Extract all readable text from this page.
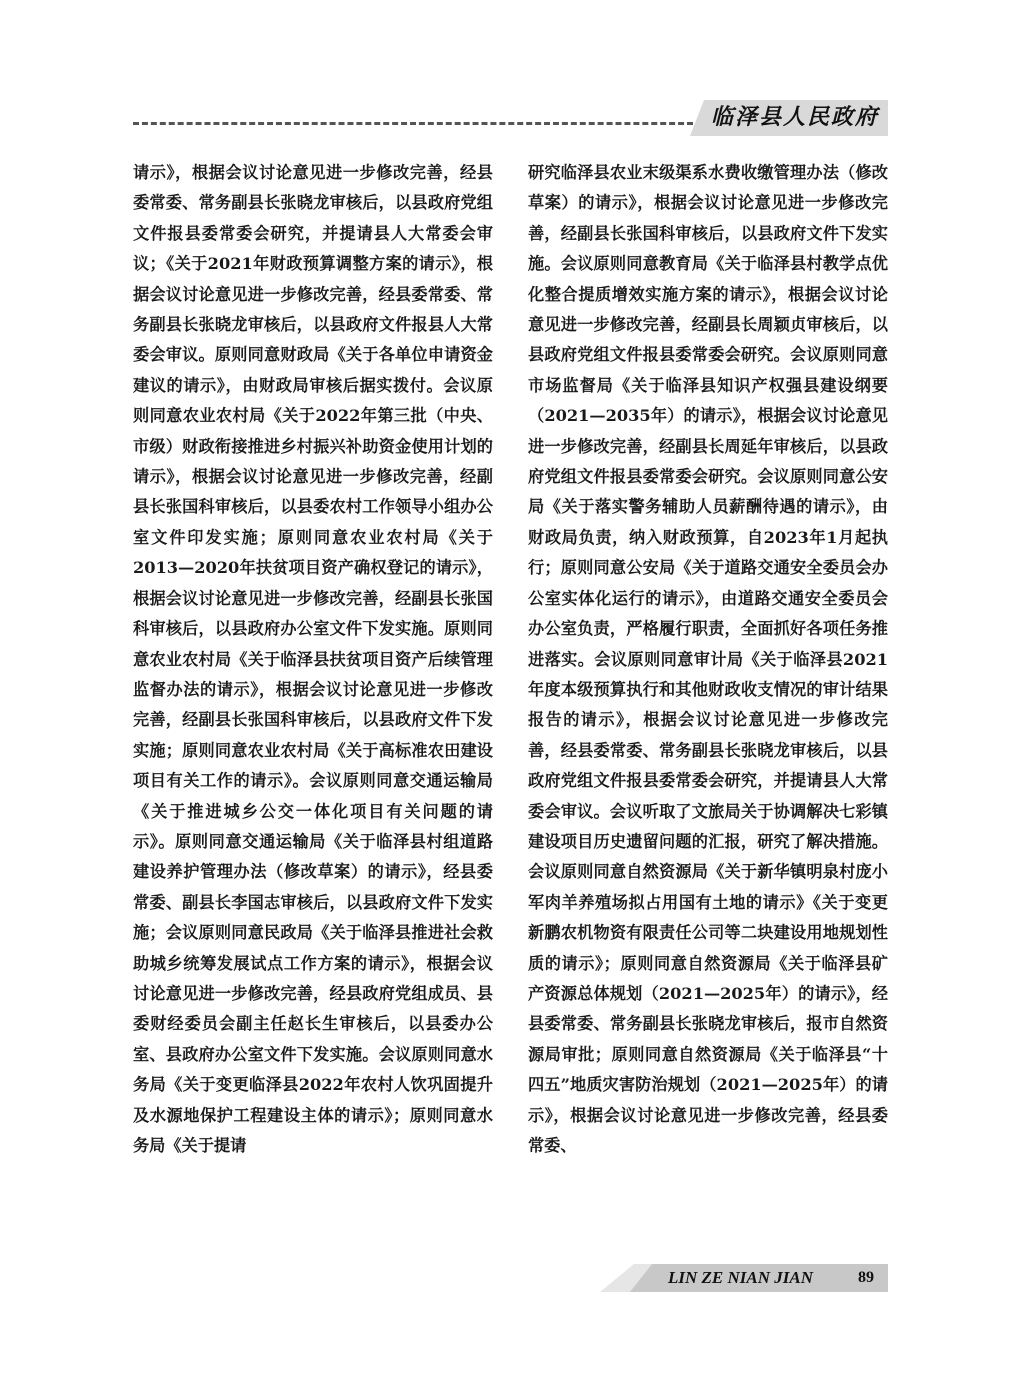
临泽县人民政府
请示》，根据会议讨论意见进一步修改完善，经县委常委、常务副县长张晓龙审核后，以县政府党组文件报县委常委会研究，并提请县人大常委会审议；《关于2021年财政预算调整方案的请示》，根据会议讨论意见进一步修改完善，经县委常委、常务副县长张晓龙审核后，以县政府文件报县人大常委会审议。原则同意财政局《关于各单位申请资金建议的请示》，由财政局审核后据实拨付。会议原则同意农业农村局《关于2022年第三批（中央、市级）财政衔接推进乡村振兴补助资金使用计划的请示》，根据会议讨论意见进一步修改完善，经副县长张国科审核后，以县委农村工作领导小组办公室文件印发实施；原则同意农业农村局《关于2013—2020年扶贫项目资产确权登记的请示》，根据会议讨论意见进一步修改完善，经副县长张国科审核后，以县政府办公室文件下发实施。原则同意农业农村局《关于临泽县扶贫项目资产后续管理监督办法的请示》，根据会议讨论意见进一步修改完善，经副县长张国科审核后，以县政府文件下发实施；原则同意农业农村局《关于高标准农田建设项目有关工作的请示》。会议原则同意交通运输局《关于推进城乡公交一体化项目有关问题的请示》。原则同意交通运输局《关于临泽县村组道路建设养护管理办法（修改草案）的请示》，经县委常委、副县长李国志审核后，以县政府文件下发实施；会议原则同意民政局《关于临泽县推进社会救助城乡统筹发展试点工作方案的请示》，根据会议讨论意见进一步修改完善，经县政府党组成员、县委财经委员会副主任赵长生审核后，以县委办公室、县政府办公室文件下发实施。会议原则同意水务局《关于变更临泽县2022年农村人饮巩固提升及水源地保护工程建设主体的请示》；原则同意水务局《关于提请
研究临泽县农业末级渠系水费收缴管理办法（修改草案）的请示》，根据会议讨论意见进一步修改完善，经副县长张国科审核后，以县政府文件下发实施。会议原则同意教育局《关于临泽县村教学点优化整合提质增效实施方案的请示》，根据会议讨论意见进一步修改完善，经副县长周颖贞审核后，以县政府党组文件报县委常委会研究。会议原则同意市场监督局《关于临泽县知识产权强县建设纲要（2021—2035年）的请示》，根据会议讨论意见进一步修改完善，经副县长周延年审核后，以县政府党组文件报县委常委会研究。会议原则同意公安局《关于落实警务辅助人员薪酬待遇的请示》，由财政局负责，纳入财政预算，自2023年1月起执行；原则同意公安局《关于道路交通安全委员会办公室实体化运行的请示》，由道路交通安全委员会办公室负责，严格履行职责，全面抓好各项任务推进落实。会议原则同意审计局《关于临泽县2021年度本级预算执行和其他财政收支情况的审计结果报告的请示》，根据会议讨论意见进一步修改完善，经县委常委、常务副县长张晓龙审核后，以县政府党组文件报县委常委会研究，并提请县人大常委会审议。会议听取了文旅局关于协调解决七彩镇建设项目历史遗留问题的汇报，研究了解决措施。会议原则同意自然资源局《关于新华镇明泉村庞小军肉羊养殖场拟占用国有土地的请示》《关于变更新鹏农机物资有限责任公司等二块建设用地规划性质的请示》；原则同意自然资源局《关于临泽县矿产资源总体规划（2021—2025年）的请示》，经县委常委、常务副县长张晓龙审核后，报市自然资源局审批；原则同意自然资源局《关于临泽县“十四五”地质灾害防治规划（2021—2025年）的请示》，根据会议讨论意见进一步修改完善，经县委常委、
LIN ZE NIAN JIAN	89
